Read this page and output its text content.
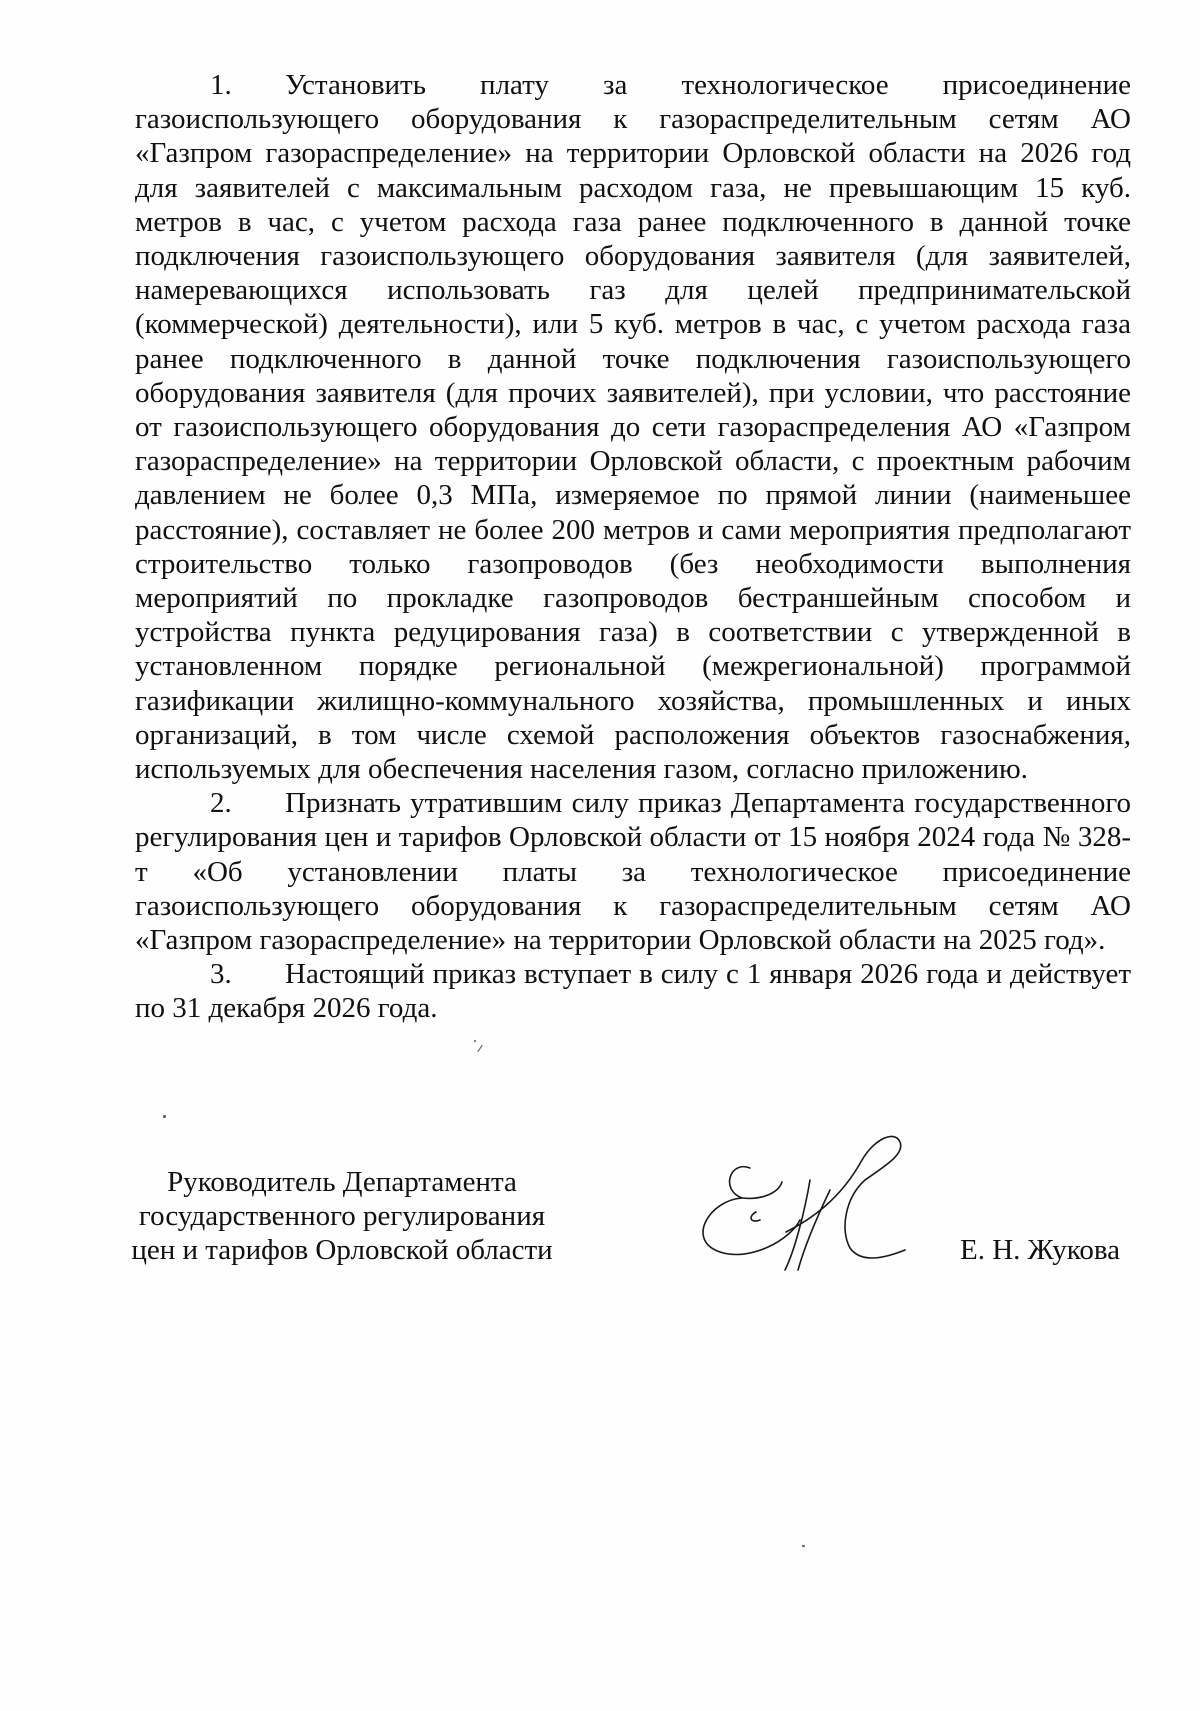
1. Установить плату за технологическое присоединение газоиспользующего оборудования к газораспределительным сетям АО «Газпром газораспределение» на территории Орловской области на 2026 год для заявителей с максимальным расходом газа, не превышающим 15 куб. метров в час, с учетом расхода газа ранее подключенного в данной точке подключения газоиспользующего оборудования заявителя (для заявителей, намеревающихся использовать газ для целей предпринимательской (коммерческой) деятельности), или 5 куб. метров в час, с учетом расхода газа ранее подключенного в данной точке подключения газоиспользующего оборудования заявителя (для прочих заявителей), при условии, что расстояние от газоиспользующего оборудования до сети газораспределения АО «Газпром газораспределение» на территории Орловской области, с проектным рабочим давлением не более 0,3 МПа, измеряемое по прямой линии (наименьшее расстояние), составляет не более 200 метров и сами мероприятия предполагают строительство только газопроводов (без необходимости выполнения мероприятий по прокладке газопроводов бестраншейным способом и устройства пункта редуцирования газа) в соответствии с утвержденной в установленном порядке региональной (межрегиональной) программой газификации жилищно-коммунального хозяйства, промышленных и иных организаций, в том числе схемой расположения объектов газоснабжения, используемых для обеспечения населения газом, согласно приложению.

2. Признать утратившим силу приказ Департамента государственного регулирования цен и тарифов Орловской области от 15 ноября 2024 года № 328-т «Об установлении платы за технологическое присоединение газоиспользующего оборудования к газораспределительным сетям АО «Газпром газораспределение» на территории Орловской области на 2025 год».

3. Настоящий приказ вступает в силу с 1 января 2026 года и действует по 31 декабря 2026 года.

Руководитель Департамента
государственного регулирования
цен и тарифов Орловской области	Е. Н. Жукова
